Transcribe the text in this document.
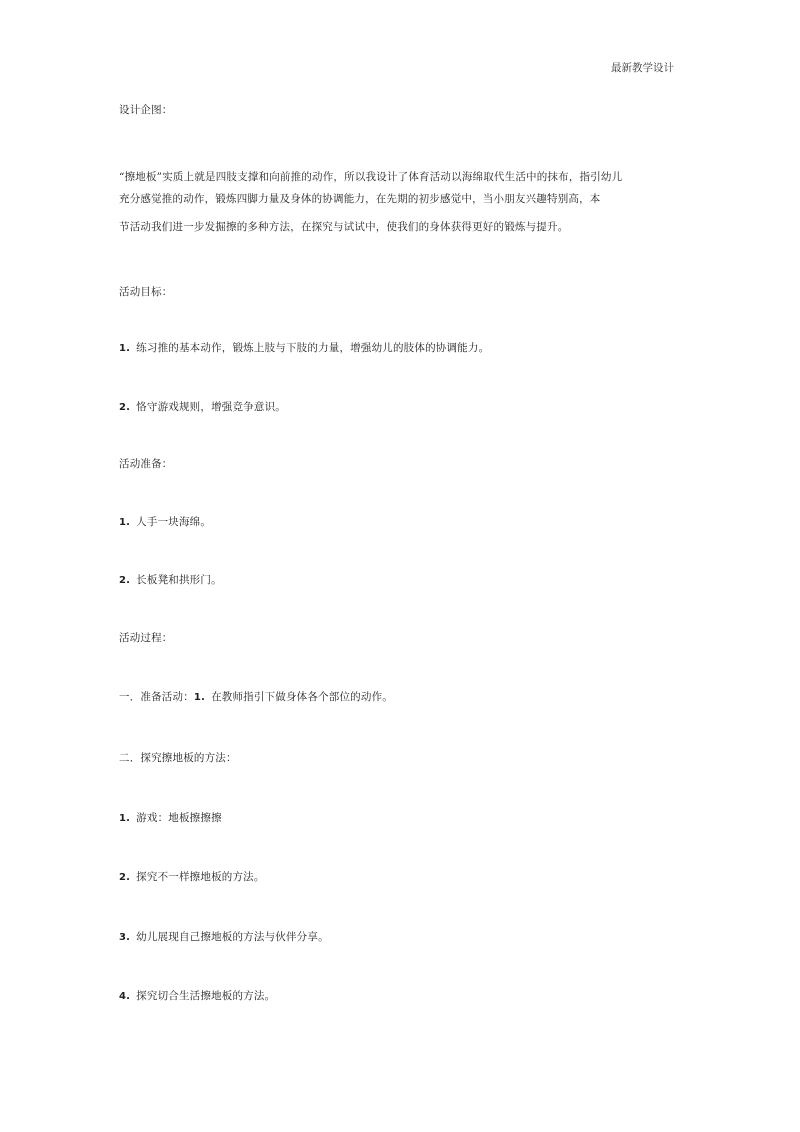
最新教学设计
设计企图：
“擦地板”实质上就是四肢支撑和向前推的动作，所以我设计了体育活动以海绵取代生活中的抹布，指引幼儿
充分感觉推的动作，锻炼四脚力量及身体的协调能力，在先期的初步感觉中，当小朋友兴趣特别高，本
节活动我们进一步发掘擦的多种方法，在探究与试试中，使我们的身体获得更好的锻炼与提升。
活动目标：
1. 练习推的基本动作，锻炼上肢与下肢的力量，增强幼儿的肢体的协调能力。
2. 恪守游戏规则，增强竞争意识。
活动准备：
1. 人手一块海绵。
2. 长板凳和拱形门。
活动过程：
一．准备活动：1. 在教师指引下做身体各个部位的动作。
二．探究擦地板的方法：
1. 游戏：地板擦擦擦
2. 探究不一样擦地板的方法。
3. 幼儿展现自己擦地板的方法与伙伴分享。
4. 探究切合生活擦地板的方法。
